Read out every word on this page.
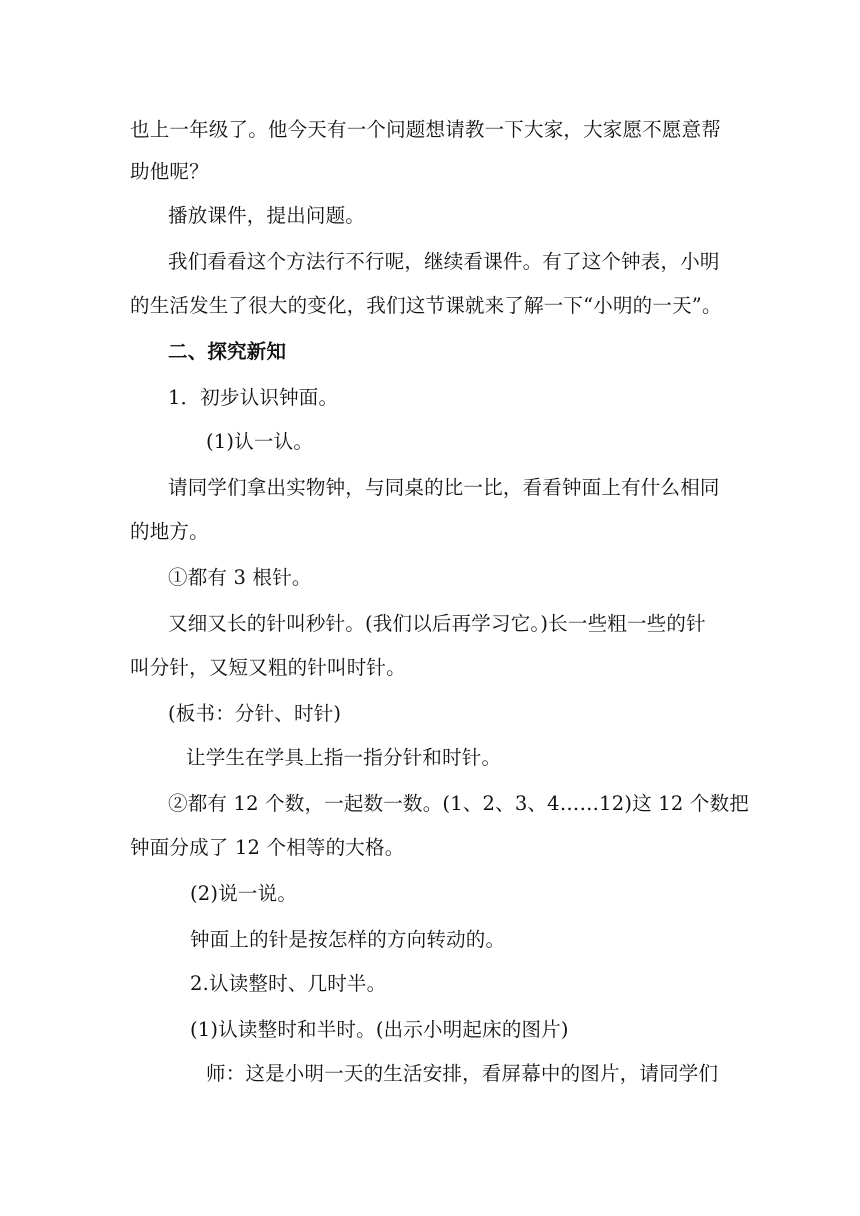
也上一年级了。他今天有一个问题想请教一下大家，大家愿不愿意帮
助他呢？
播放课件，提出问题。
我们看看这个方法行不行呢，继续看课件。有了这个钟表，小明
的生活发生了很大的变化，我们这节课就来了解一下“小明的一天”。
二、探究新知
1．初步认识钟面。
(1)认一认。
请同学们拿出实物钟，与同桌的比一比，看看钟面上有什么相同
的地方。
①都有 3 根针。
又细又长的针叫秒针。(我们以后再学习它。)长一些粗一些的针
叫分针，又短又粗的针叫时针。
(板书：分针、时针)
让学生在学具上指一指分针和时针。
②都有 12 个数，一起数一数。(1、2、3、4……12)这 12 个数把
钟面分成了 12 个相等的大格。
(2)说一说。
钟面上的针是按怎样的方向转动的。
2.认读整时、几时半。
(1)认读整时和半时。(出示小明起床的图片)
师：这是小明一天的生活安排，看屏幕中的图片，请同学们
